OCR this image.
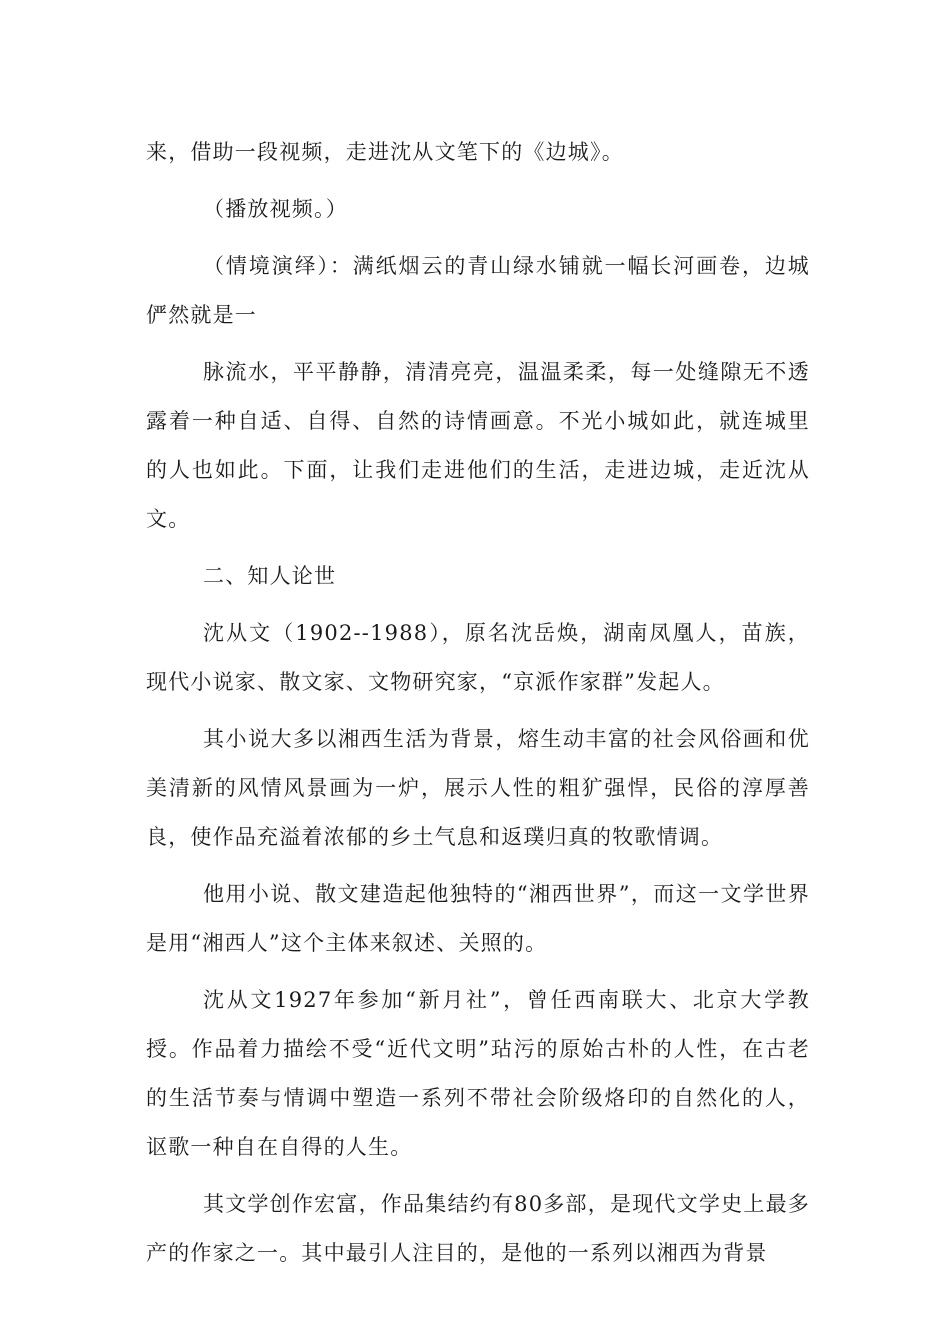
来，借助一段视频，走进沈从文笔下的《边城》。

（播放视频。）

（情境演绎）：满纸烟云的青山绿水铺就一幅长河画卷，边城俨然就是一

脉流水，平平静静，清清亮亮，温温柔柔，每一处缝隙无不透露着一种自适、自得、自然的诗情画意。不光小城如此，就连城里的人也如此。下面，让我们走进他们的生活，走进边城，走近沈从文。

二、知人论世

沈从文（1902--1988），原名沈岳焕，湖南凤凰人，苗族，现代小说家、散文家、文物研究家，“京派作家群”发起人。

其小说大多以湘西生活为背景，熔生动丰富的社会风俗画和优美清新的风情风景画为一炉，展示人性的粗犷强悍，民俗的淳厚善良，使作品充溢着浓郁的乡土气息和返璞归真的牧歌情调。

他用小说、散文建造起他独特的“湘西世界”，而这一文学世界是用“湘西人”这个主体来叙述、关照的。

沈从文1927年参加“新月社”，曾任西南联大、北京大学教授。作品着力描绘不受“近代文明”玷污的原始古朴的人性，在古老的生活节奏与情调中塑造一系列不带社会阶级烙印的自然化的人，讴歌一种自在自得的人生。

其文学创作宏富，作品集结约有80多部，是现代文学史上最多产的作家之一。其中最引人注目的，是他的一系列以湘西为背景
